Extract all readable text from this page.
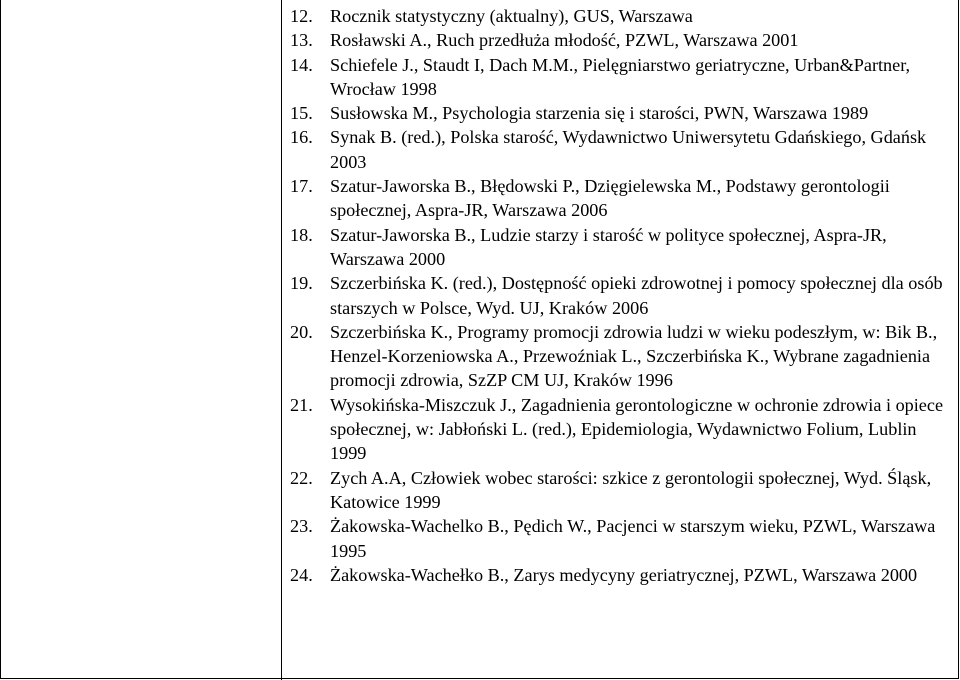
12. Rocznik statystyczny (aktualny), GUS, Warszawa
13. Rosławski A., Ruch przedłuża młodość, PZWL, Warszawa 2001
14. Schiefele J., Staudt I, Dach M.M., Pielęgniarstwo geriatryczne, Urban&Partner, Wrocław 1998
15. Susłowska M., Psychologia starzenia się i starości, PWN, Warszawa 1989
16. Synak B. (red.), Polska starość, Wydawnictwo Uniwersytetu Gdańskiego, Gdańsk 2003
17. Szatur-Jaworska B., Błędowski P., Dzięgielewska M., Podstawy gerontologii społecznej, Aspra-JR, Warszawa 2006
18. Szatur-Jaworska B., Ludzie starzy i starość w polityce społecznej, Aspra-JR, Warszawa 2000
19. Szczerbińska K. (red.), Dostępność opieki zdrowotnej i pomocy społecznej dla osób starszych w Polsce, Wyd. UJ, Kraków 2006
20. Szczerbińska K., Programy promocji zdrowia ludzi w wieku podeszłym, w: Bik B., Henzel-Korzeniowska A., Przewoźniak L., Szczerbińska K., Wybrane zagadnienia promocji zdrowia, SzZP CM UJ, Kraków 1996
21. Wysokińska-Miszczuk J., Zagadnienia gerontologiczne w ochronie zdrowia i opiece społecznej, w: Jabłoński L. (red.), Epidemiologia, Wydawnictwo Folium, Lublin 1999
22. Zych A.A, Człowiek wobec starości: szkice z gerontologii społecznej, Wyd. Śląsk, Katowice 1999
23. Żakowska-Wachelko B., Pędich W., Pacjenci w starszym wieku, PZWL, Warszawa 1995
24. Żakowska-Wachełko B., Zarys medycyny geriatrycznej, PZWL, Warszawa 2000
